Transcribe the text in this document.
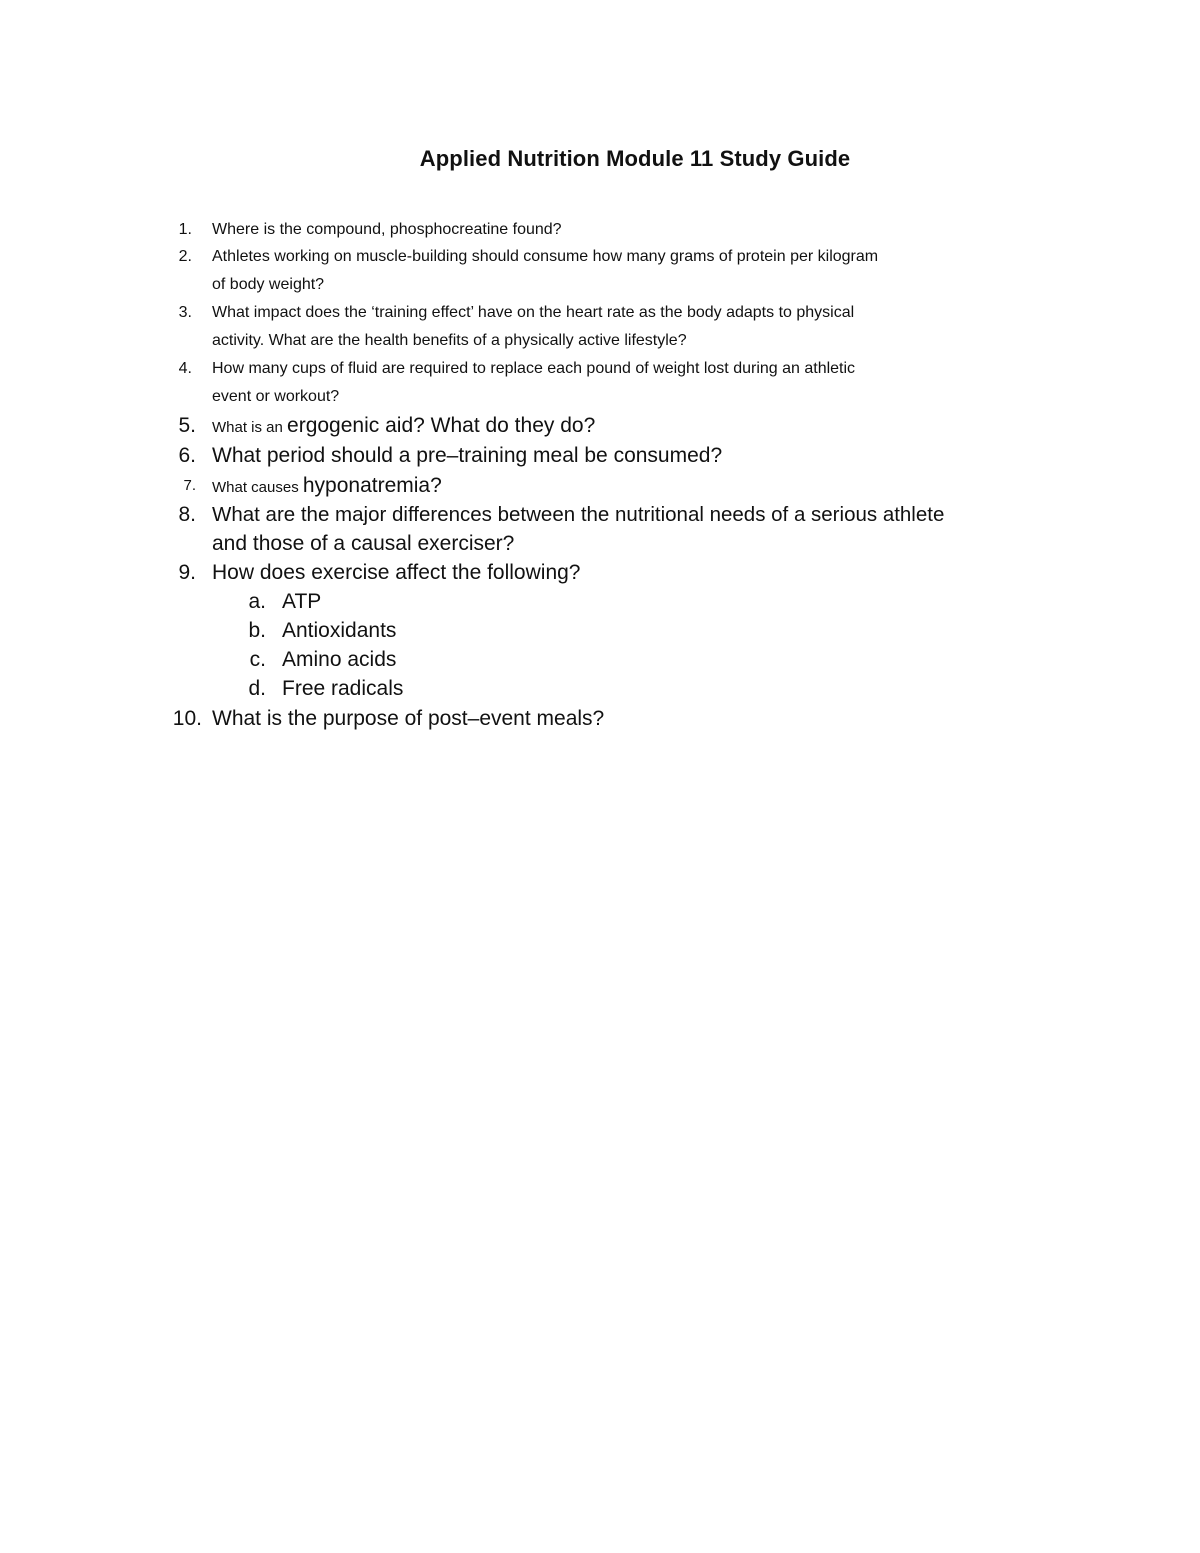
Applied Nutrition Module 11 Study Guide
1. Where is the compound, phosphocreatine found?
2. Athletes working on muscle-building should consume how many grams of protein per kilogram
of body weight?
3. What impact does the ‘training effect’ have on the heart rate as the body adapts to physical
activity. What are the health benefits of a physically active lifestyle?
4. How many cups of fluid are required to replace each pound of weight lost during an athletic
event or workout?
5. What is an ergogenic aid? What do they do?
6. What period should a pre–training meal be consumed?
7. What causes hyponatremia?
8. What are the major differences between the nutritional needs of a serious athlete
and those of a causal exerciser?
9. How does exercise affect the following?
a. ATP
b. Antioxidants
c. Amino acids
d. Free radicals
10. What is the purpose of post–event meals?
